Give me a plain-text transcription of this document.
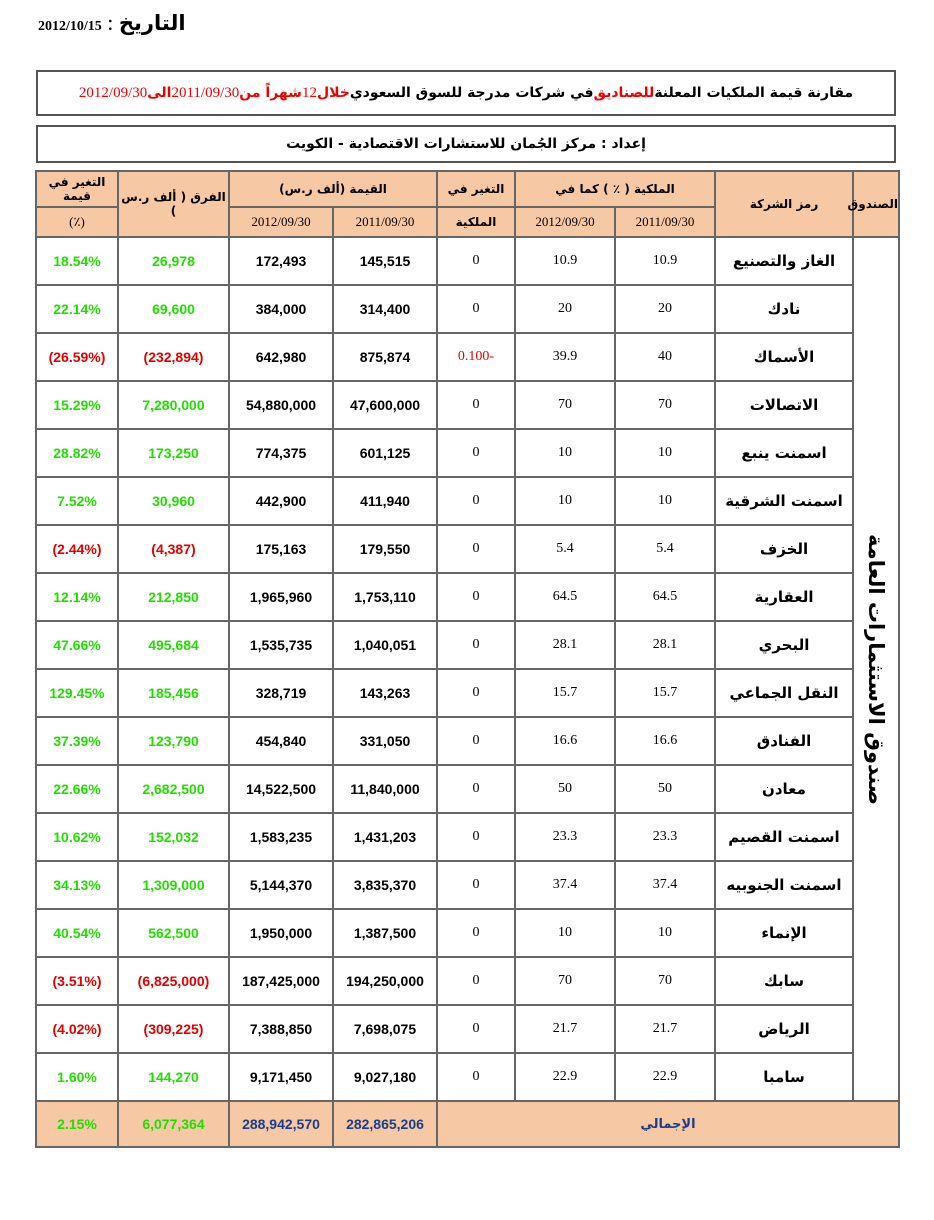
التاريخ : 2012/10/15
مقارنة قيمة الملكيات المعلنة
للصناديق
في شركات مدرجة للسوق السعودي
خلال
12
شهراً من
2011/09/30
الى
2012/09/30
إعداد : مركز الجُمان للاستشارات الاقتصادية - الكويت
الصندوق	رمز الشركة	الملكية ( ٪ ) كما في		التغير في	القيمة (ألف ر.س)		الفرق ( ألف ر.س )	التغير في قيمة
		2011/09/30	2012/09/30	الملكية	2011/09/30	2012/09/30		(٪)

صندوق الاستثمارات العامة	الغاز والتصنيع	10.9	10.9	0	145,515	172,493	26,978	18.54%
	نادك	20	20	0	314,400	384,000	69,600	22.14%
	الأسماك	40	39.9	-0.100	875,874	642,980	(232,894)	(26.59%)
	الاتصالات	70	70	0	47,600,000	54,880,000	7,280,000	15.29%
	اسمنت ينبع	10	10	0	601,125	774,375	173,250	28.82%
	اسمنت الشرقية	10	10	0	411,940	442,900	30,960	7.52%
	الخزف	5.4	5.4	0	179,550	175,163	(4,387)	(2.44%)
	العقارية	64.5	64.5	0	1,753,110	1,965,960	212,850	12.14%
	البحري	28.1	28.1	0	1,040,051	1,535,735	495,684	47.66%
	النقل الجماعي	15.7	15.7	0	143,263	328,719	185,456	129.45%
	الفنادق	16.6	16.6	0	331,050	454,840	123,790	37.39%
	معادن	50	50	0	11,840,000	14,522,500	2,682,500	22.66%
	اسمنت القصيم	23.3	23.3	0	1,431,203	1,583,235	152,032	10.62%
	اسمنت الجنوبيه	37.4	37.4	0	3,835,370	5,144,370	1,309,000	34.13%
	الإنماء	10	10	0	1,387,500	1,950,000	562,500	40.54%
	سابك	70	70	0	194,250,000	187,425,000	(6,825,000)	(3.51%)
	الرياض	21.7	21.7	0	7,698,075	7,388,850	(309,225)	(4.02%)
	سامبا	22.9	22.9	0	9,027,180	9,171,450	144,270	1.60%
الإجمالي					282,865,206	288,942,570	6,077,364	2.15%
